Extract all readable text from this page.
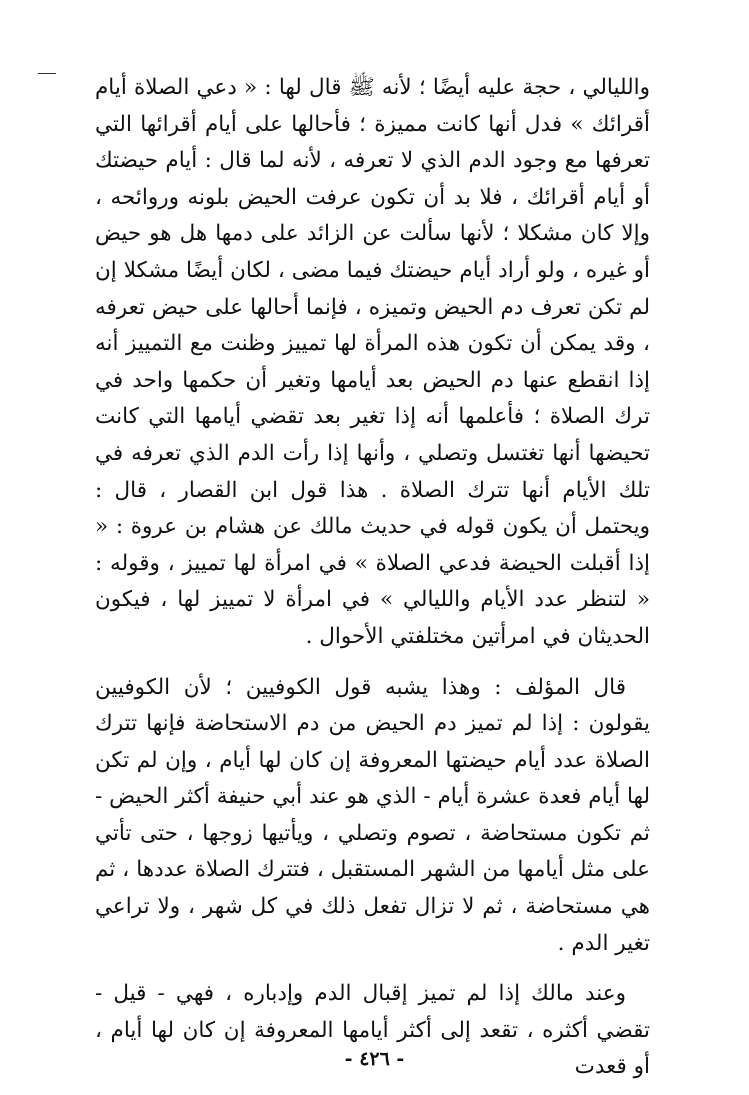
والليالي ، حجة عليه أيضًا ؛ لأنه ﷺ قال لها : « دعي الصلاة أيام أقرائك » فدل أنها كانت مميزة ؛ فأحالها على أيام أقرائها التي تعرفها مع وجود الدم الذي لا تعرفه ، لأنه لما قال : أيام حيضتك أو أيام أقرائك ، فلا بد أن تكون عرفت الحيض بلونه وروائحه ، وإلا كان مشكلا ؛ لأنها سألت عن الزائد على دمها هل هو حيض أو غيره ، ولو أراد أيام حيضتك فيما مضى ، لكان أيضًا مشكلا إن لم تكن تعرف دم الحيض وتميزه ، فإنما أحالها على حيض تعرفه ، وقد يمكن أن تكون هذه المرأة لها تمييز وظنت مع التمييز أنه إذا انقطع عنها دم الحيض بعد أيامها وتغير أن حكمها واحد في ترك الصلاة ؛ فأعلمها أنه إذا تغير بعد تقضي أيامها التي كانت تحيضها أنها تغتسل وتصلي ، وأنها إذا رأت الدم الذي تعرفه في تلك الأيام أنها تترك الصلاة . هذا قول ابن القصار ، قال : ويحتمل أن يكون قوله في حديث مالك عن هشام بن عروة : « إذا أقبلت الحيضة فدعي الصلاة » في امرأة لها تمييز ، وقوله : « لتنظر عدد الأيام والليالي » في امرأة لا تمييز لها ، فيكون الحديثان في امرأتين مختلفتي الأحوال .

قال المؤلف : وهذا يشبه قول الكوفيين ؛ لأن الكوفيين يقولون : إذا لم تميز دم الحيض من دم الاستحاضة فإنها تترك الصلاة عدد أيام حيضتها المعروفة إن كان لها أيام ، وإن لم تكن لها أيام فعدة عشرة أيام - الذي هو عند أبي حنيفة أكثر الحيض - ثم تكون مستحاضة ، تصوم وتصلي ، ويأتيها زوجها ، حتى تأتي على مثل أيامها من الشهر المستقبل ، فتترك الصلاة عددها ، ثم هي مستحاضة ، ثم لا تزال تفعل ذلك في كل شهر ، ولا تراعي تغير الدم .

وعند مالك إذا لم تميز إقبال الدم وإدباره ، فهي - قيل - تقضي أكثره ، تقعد إلى أكثر أيامها المعروفة إن كان لها أيام ، أو قعدت

- ٤٢٦ -
